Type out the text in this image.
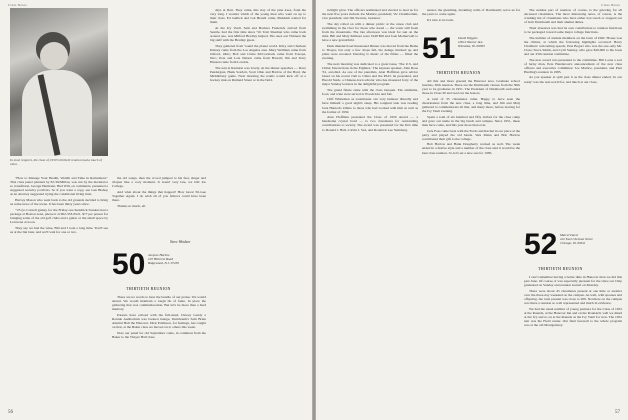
Class Notes
In most respects, the class of 1950's thirtieth reunion had a touch of class.

"How to Manage Your Health, Wealth and Time in Retirement." This class panel planned by Ed McMillan, was run by the moderator so transfixion, George Hermann, Bud Will, on comments, presented a suggested security portfolio. So if you want a copy, see Gus Bishop as an attorney suggested trying the conditional living trust.

Harvey Mason who went back to the old grounds decided to bring us some news of the scene. It has been thirty years since.

"'25 (to Cornell game), for the Friday one Kendrick Sanders had a package at Boston Gate, phone it at 902-353-6521. $77 per person for bringing some of the old golf clubs and a guitar or the small space by Leverone at noon.

They say we had the wine, Bill and I took a long time. You'll see us at the Inn later, and we'll wait for one or two.

the old songs, then the crowd jumped to his feet, singer and chapter like a cozy moment. It wasn't very late, we Old Joe College.

And what about the things that happen? How Great Tri-Gee Together Again. I do wish all of you fellows could have been there.

Thanks so much, all.

Steve Windsor
50 Jacques Harlow
103 Hillcrest Road
Ridgewood, N.J. 07450
THIRTIETH REUNION

There are no words to hear the bundle of our praise. We would attend. We would maintain a tough bit of fame. In place the gathering that was commemoration. But let's be more than a hard memory.

Parents have echoed with the full-sized. Dewey Lately a Ronnie Auditorium was booked lounge, Dartmouth's Sam Brian Alumni Hall the Hanover. Dick Echikson, for feelings, has caught on that, at the Baker class we moved on to others this week.

Note our panel for old September come, in comment from the Baker to the Thayer Hall class.

days at Dart. They came, this stay of the pine trees, from the very long. I wonder which of the young men who went on up to their class. Ed Gullick and Gal Brandt came, Pinkham waited for them.

At the Ivy Vault. Sam and Barbara Frederick arrived from Seattle, had the first time since '50. Tom Sheehan who came back around one, was Milford Bradley helped. The ones our Thirteen the big stuff with the Bradley guest.

They gathered from 'round the planet world. Kitty and Charleen Kinney came from the Los Angeles area. Mary Wellman came from Oxford, Ohio; Bob and Claire McCormack came from Tonopa, Nev.; Pete and Lois Nelson came from Hawaii; Jim and Terry Hansen came from London.

The tent at Reunion was lovely. At the dinner speeches — Dave Pendergast, Hank Scarlett, Scott Ohio and Barlow of the Bard, the Middlebury game. Next morning the teams would kick off at a hockey rink on Rutland Street or in the field.

56
Class Notes

twilight glow. The officers nominated and elected to lead us for the next five years include Joe Mattice, president; Vic Chamberlain, vice president; and Jim Stevens, treasurer.

The day rolled on with a dinner picnic at the canoe club and swimming in the river for those who dared — the water still fresh from the mountains. The late afternoon was ideal for sun on the rims. Bill and Mary Kilmore were 1948 Bill and Joan Motherwell to have a new grandchild.

Dark thundercloud threatened Dinner was moved from the Bema to Thayer, but only a few drops fell, the deluge mucked up and plans were rerouted. Dancing to music of the fifties — filled the evening.

The next morning was dedicated to a great issue, 'The U.S. and China: Interactions in the Eighties.' The keynote speaker, John Rose '61, enrolled. As one of the panelists, Alan Hoffman gave advice based on his recent visit to China and the Ph.D. he presented, and Harold Stark, a Chinese-born scholar who has mastered forty of the major Sunday lectures in the delightful program.

The grand finale came with the class banquet. The emblems, food, and wine were served at Woods Inn and fall.

Cliff Whiteman as toastmaster can very humour liberally and have himself a good night's sleep. His toughest task was reading Jack Harned's tribute to those who had worked with him as well as the former of 1950.

Alan Hoffman presented the Class of 1950 Award — a handsome crystal bowl — to two classmates for outstanding contributions to society. The award was presented for the first time to Donald J. Hall, Calvin J. Sax, and Roderick Lee Steinberg.

sunset; the gleaming, dreaming walls of Dartmouth; serve us for the years to come again.

It's nice to be back.

51 David Wiggins
10014 Warner Ave.
Winnetka, Ill. 60093
THIRTIETH REUNION

All this and more greeted the Hanover area. Graduate school lunches, 30th reunion. There are the Dartmouth classes from the 30th year to be graduates in 1951. The President of Dartmouth welcomed those in Class 30 and read out the honors.

A total of 35 classmates came. Happy to have seen the cheerleaders from the new class, a long time, and Jim and Marj gathered to commemorate all that, and many more, before leaving for the Ivy Vault evening.

Spent a total of six hundred and fifty dollars for the class camp and gave our name in the big lunch and campus. Since 1951, these men have come, and this year more than ever.

Jack Foss came back with the Fords and Rachel in our place at the party and played the old bands. Wes Mann and Bob Harlow contributed their gift to the college.

Bob Harlow and Hank Dougherty worked as well. The week ended in a festive style and a number of the class said it would be the best class reunion. So let's set a new one for 1985.

The saddest part of reunion, of course, is the grieving for all deceased classmates. The most distressing news, of course, is the crushing list of classmates who have either lost touch or stopped out of both Dartmouth and their alumni duties.

Their absences was had its own contribution to reunion functions to be packaged toward some major college functions.

The number of student members on the lawn of DOC House was the climax, at which the following highlights occurred: Harry Chalmers' welcoming speech, Pete Bogart who was the one-only Mr. Class; Steve Smith, and Cyril Stanley, who gave $20,000 to the book and our 25th reunion committee.

The new award was presented to the committee. Bill Lotus a sort of lucky man, Pete Henderson's announcement of the new class officers and executive committee: Joe Mattice, president, and Paul Harding's reunion in 1985.

As you speaker at split past it as the class dinner ended, 'in our ready' was the real-world for, and much at our close.

52 Marcel Daver
222 East Chestnut Street
Chicago, Ill. 60611
THIRTIETH REUNION

I can't remember having a better time in Hanover than we did this past June. Of course, it was especially pleasant for me since our Chip graduated on Sunday and reunion started on Monday.

There were about 45 classmates present at one time or another over the three-day weekend on the campus. As well, with spouses and offspring, the total present was close to 200. Nowhere on the campus was there a reunion so well represented and much in evidence.

We had the usual number of young partners for the Class of 1952 at the Rounds, at the Hanover Inn and on the Roundell, well we dined at the Ivy and so on at the Rounds as the Ivy Vault for now. The 1952 tent was the Field center. Our final farewell to the whole program was at the old Montgomery.

57
